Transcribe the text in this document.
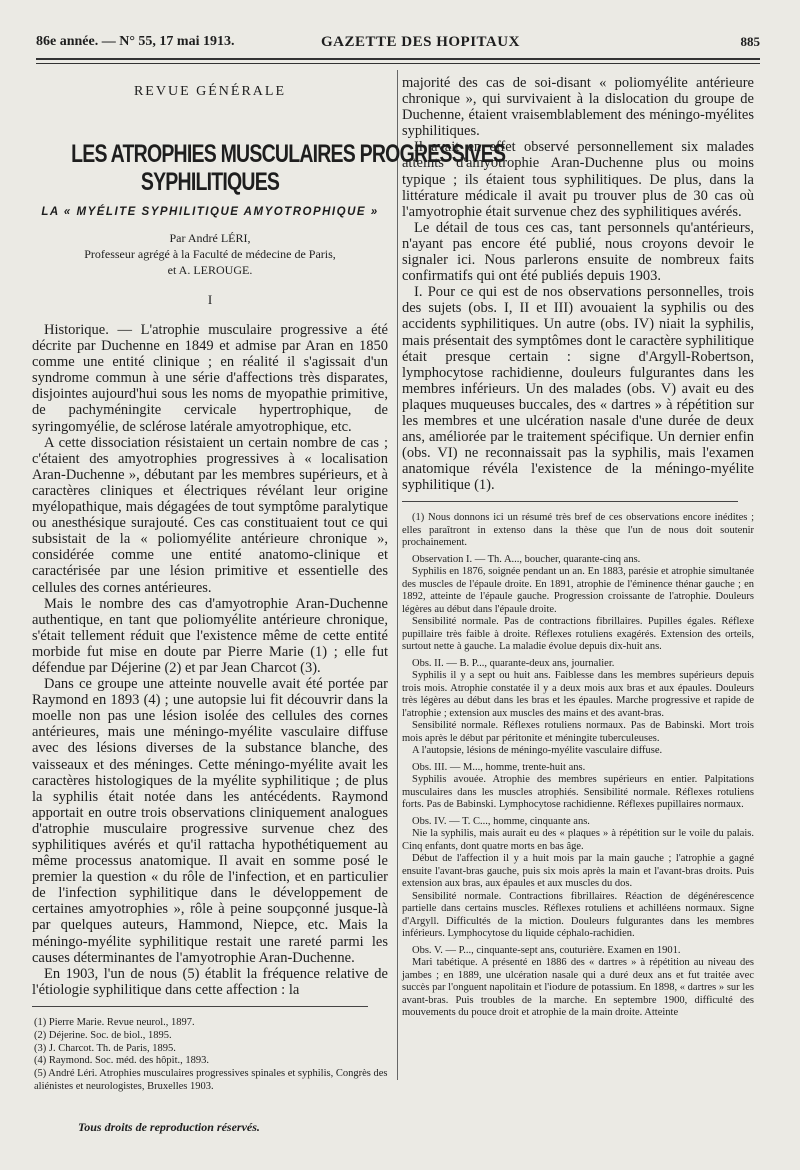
86e année. — N° 55, 17 mai 1913.	GAZETTE DES HOPITAUX	885
REVUE GÉNÉRALE
LES ATROPHIES MUSCULAIRES PROGRESSIVES
SYPHILITIQUES
LA « MYÉLITE SYPHILITIQUE AMYOTROPHIQUE »
Par André LÉRI,
Professeur agrégé à la Faculté de médecine de Paris,
et A. LEROUGE.
I

Historique. — L'atrophie musculaire progressive a été décrite par Duchenne en 1849 et admise par Aran en 1850 comme une entité clinique ; en réalité il s'agissait d'un syndrome commun à une série d'affections très disparates, disjointes aujourd'hui sous les noms de myopathie primitive, de pachyméningite cervicale hypertrophique, de syringomyélie, de sclérose latérale amyotrophique, etc.

A cette dissociation résistaient un certain nombre de cas ; c'étaient des amyotrophies progressives à « localisation Aran-Duchenne », débutant par les membres supérieurs, et à caractères cliniques et électriques révélant leur origine myélopathique, mais dégagées de tout symptôme paralytique ou anesthésique surajouté. Ces cas constituaient tout ce qui subsistait de la « poliomyélite antérieure chronique », considérée comme une entité anatomo-clinique et caractérisée par une lésion primitive et essentielle des cellules des cornes antérieures.

Mais le nombre des cas d'amyotrophie Aran-Duchenne authentique, en tant que poliomyélite antérieure chronique, s'était tellement réduit que l'existence même de cette entité morbide fut mise en doute par Pierre Marie (1) ; elle fut défendue par Déjerine (2) et par Jean Charcot (3).

Dans ce groupe une atteinte nouvelle avait été portée par Raymond en 1893 (4) ; une autopsie lui fit découvrir dans la moelle non pas une lésion isolée des cellules des cornes antérieures, mais une méningo-myélite vasculaire diffuse avec des lésions diverses de la substance blanche, des vaisseaux et des méninges. Cette méningo-myélite avait les caractères histologiques de la myélite syphilitique ; de plus la syphilis était notée dans les antécédents. Raymond apportait en outre trois observations cliniquement analogues d'atrophie musculaire progressive survenue chez des syphilitiques avérés et qu'il rattacha hypothétiquement au même processus anatomique. Il avait en somme posé le premier la question « du rôle de l'infection, et en particulier de l'infection syphilitique dans le développement de certaines amyotrophies », rôle à peine soupçonné jusque-là par quelques auteurs, Hammond, Niepce, etc. Mais la méningo-myélite syphilitique restait une rareté parmi les causes déterminantes de l'amyotrophie Aran-Duchenne.

En 1903, l'un de nous (5) établit la fréquence relative de l'étiologie syphilitique dans cette affection : la

(1) Pierre Marie. Revue neurol., 1897.
(2) Déjerine. Soc. de biol., 1895.
(3) J. Charcot. Th. de Paris, 1895.
(4) Raymond. Soc. méd. des hôpit., 1893.
(5) André Léri. Atrophies musculaires progressives spinales et syphilis, Congrès des aliénistes et neurologistes, Bruxelles 1903.

majorité des cas de soi-disant « poliomyélite antérieure chronique », qui survivaient à la dislocation du groupe de Duchenne, étaient vraisemblablement des méningo-myélites syphilitiques.

Il avait en effet observé personnellement six malades atteints d'amyotrophie Aran-Duchenne plus ou moins typique ; ils étaient tous syphilitiques. De plus, dans la littérature médicale il avait pu trouver plus de 30 cas où l'amyotrophie était survenue chez des syphilitiques avérés.

Le détail de tous ces cas, tant personnels qu'antérieurs, n'ayant pas encore été publié, nous croyons devoir le signaler ici. Nous parlerons ensuite de nombreux faits confirmatifs qui ont été publiés depuis 1903.

I. Pour ce qui est de nos observations personnelles, trois des sujets (obs. I, II et III) avouaient la syphilis ou des accidents syphilitiques. Un autre (obs. IV) niait la syphilis, mais présentait des symptômes dont le caractère syphilitique était presque certain : signe d'Argyll-Robertson, lymphocytose rachidienne, douleurs fulgurantes dans les membres inférieurs. Un des malades (obs. V) avait eu des plaques muqueuses buccales, des « dartres » à répétition sur les membres et une ulcération nasale d'une durée de deux ans, améliorée par le traitement spécifique. Un dernier enfin (obs. VI) ne reconnaissait pas la syphilis, mais l'examen anatomique révéla l'existence de la méningo-myélite syphilitique (1).

(1) Nous donnons ici un résumé très bref de ces observations encore inédites ; elles paraîtront in extenso dans la thèse que l'un de nous doit soutenir prochainement.
Observation I. — Th. A..., boucher, quarante-cinq ans.
Syphilis en 1876, soignée pendant un an. En 1883, parésie et atrophie simultanée des muscles de l'épaule droite. En 1891, atrophie de l'éminence thénar gauche ; en 1892, atteinte de l'épaule gauche. Progression croissante de l'atrophie. Douleurs légères au début dans l'épaule droite.
Sensibilité normale. Pas de contractions fibrillaires. Pupilles égales. Réflexe pupillaire très faible à droite. Réflexes rotuliens exagérés. Extension des orteils, surtout nette à gauche. La maladie évolue depuis dix-huit ans.
Obs. II. — B. P..., quarante-deux ans, journalier.
Syphilis il y a sept ou huit ans. Faiblesse dans les membres supérieurs depuis trois mois. Atrophie constatée il y a deux mois aux bras et aux épaules. Douleurs très légères au début dans les bras et les épaules. Marche progressive et rapide de l'atrophie ; extension aux muscles des mains et des avant-bras.
Sensibilité normale. Réflexes rotuliens normaux. Pas de Babinski. Mort trois mois après le début par péritonite et méningite tuberculeuses.
A l'autopsie, lésions de méningo-myélite vasculaire diffuse.
Obs. III. — M..., homme, trente-huit ans.
Syphilis avouée. Atrophie des membres supérieurs en entier. Palpitations musculaires dans les muscles atrophiés. Sensibilité normale. Réflexes rotuliens forts. Pas de Babinski. Lymphocytose rachidienne. Réflexes pupillaires normaux.
Obs. IV. — T. C..., homme, cinquante ans.
Nie la syphilis, mais aurait eu des « plaques » à répétition sur le voile du palais. Cinq enfants, dont quatre morts en bas âge.
Début de l'affection il y a huit mois par la main gauche ; l'atrophie a gagné ensuite l'avant-bras gauche, puis six mois après la main et l'avant-bras droits. Puis extension aux bras, aux épaules et aux muscles du dos.
Sensibilité normale. Contractions fibrillaires. Réaction de dégénérescence partielle dans certains muscles. Réflexes rotuliens et achilléens normaux. Signe d'Argyll. Difficultés de la miction. Douleurs fulgurantes dans les membres inférieurs. Lymphocytose du liquide céphalo-rachidien.
Obs. V. — P..., cinquante-sept ans, couturière. Examen en 1901.
Mari tabétique. A présenté en 1886 des « dartres » à répétition au niveau des jambes ; en 1889, une ulcération nasale qui a duré deux ans et fut traitée avec succès par l'onguent napolitain et l'iodure de potassium. En 1898, « dartres » sur les avant-bras. Puis troubles de la marche. En septembre 1900, difficulté des mouvements du pouce droit et atrophie de la main droite. Atteinte
Tous droits de reproduction réservés.
